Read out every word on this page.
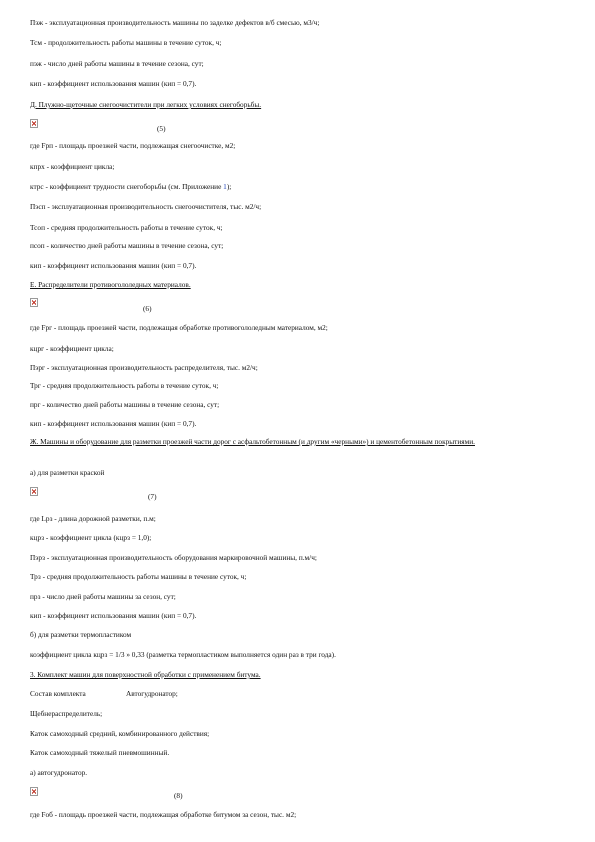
Пэж - эксплуатационная производительность машины по заделке дефектов в/б смесью, м3/ч;
Тсм - продолжительность работы машины в течение суток, ч;
пэж - число дней работы машины в течение сезона, сут;
кип - коэффициент использования машин (кип = 0,7).
Д. Плужно-щеточные снегоочистители при легких условиях снегоборьбы.
(5)
где Fрп - площадь проезжей части, подлежащая снегоочистке, м2;
кпрх - коэффициент цикла;
ктрс - коэффициент трудности снегоборьбы (см. Приложение 1);
Пэсп - эксплуатационная производительность снегоочистителя, тыс. м2/ч;
Тсоп - средняя продолжительность работы в течение суток, ч;
псоп - количество дней работы машины в течение сезона, сут;
кип - коэффициент использования машин (кип = 0,7).
Е. Распределители противогололедных материалов.
(6)
где Fрг - площадь проезжей части, подлежащая обработке противогололедным материалом, м2;
кцрг - коэффициент цикла;
Пэрг - эксплуатационная производительность распределителя, тыс. м2/ч;
Трг - средняя продолжительность работы в течение суток, ч;
прг - количество дней работы машины в течение сезона, сут;
кип - коэффициент использования машин (кип = 0,7).
Ж. Машины и оборудование для разметки проезжей части дорог с асфальтобетонным (и другим «черными») и цементобетонным покрытиями.
а) для разметки краской
(7)
где Lрз - длина дорожной разметки, п.м;
кцрз - коэффициент цикла (кцрз = 1,0);
Пэрз - эксплуатационная производительность оборудования маркировочной машины, п.м/ч;
Трз - средняя продолжительность работы машины в течение суток, ч;
прз - число дней работы машины за сезон, сут;
кип - коэффициент использования машин (кип = 0,7).
б) для разметки термопластиком
коэффициент цикла кцрз = 1/3 » 0,33 (разметка термопластиком выполняется один раз в три года).
3. Комплект машин для поверхностной обработки с применением битума.
Состав комплекта	Автогудронатор;
Щебнераспределитель;
Каток самоходный средний, комбинированного действия;
Каток самоходный тяжелый пневмошинный.
а) автогудронатор.
(8)
где Fоб - площадь проезжей части, подлежащая обработке битумом за сезон, тыс. м2;
